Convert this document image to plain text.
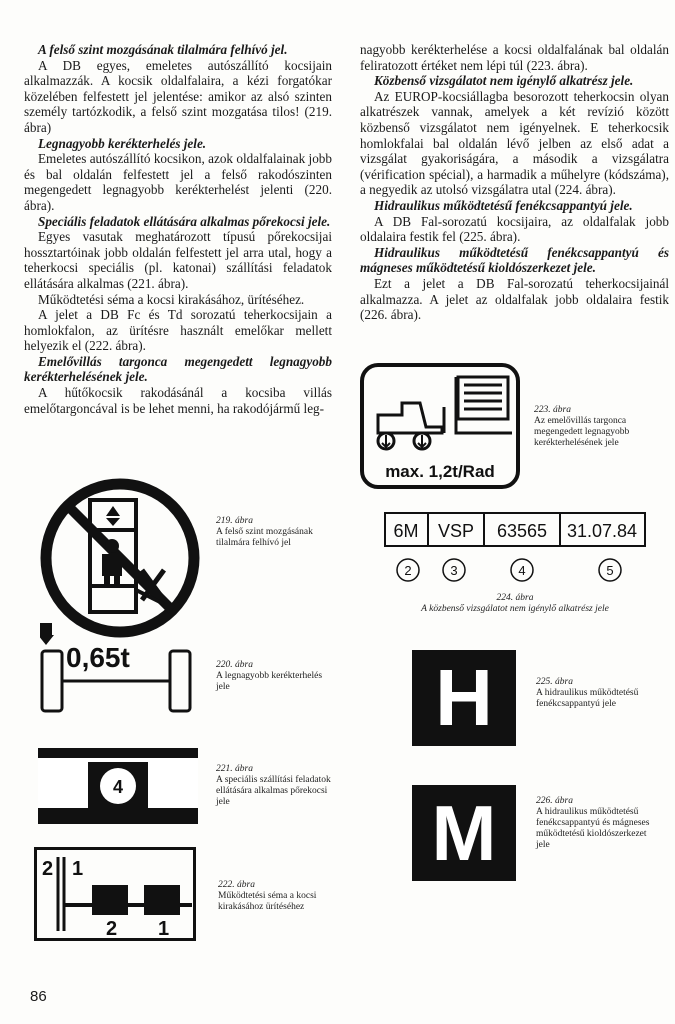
A felső szint mozgásának tilalmára felhívó jel.

A DB egyes, emeletes autószállító kocsijain alkalmazzák. A kocsik oldalfalaira, a kézi forgatókar közelében felfestett jel jelentése: amikor az alsó szinten személy tartózkodik, a felső szint mozgatása tilos! (219. ábra)

Legnagyobb kerékterhelés jele.

Emeletes autószállító kocsikon, azok oldalfalainak jobb és bal oldalán felfestett jel a felső rakodószinten megengedett legnagyobb kerékterhelést jelenti (220. ábra).

Speciális feladatok ellátására alkalmas pőrekocsi jele.

Egyes vasutak meghatározott típusú pőrekocsijai hossztartóinak jobb oldalán felfestett jel arra utal, hogy a teherkocsi speciális (pl. katonai) szállítási feladatok ellátására alkalmas (221. ábra).

Működtetési séma a kocsi kirakásához, ürítéséhez.

A jelet a DB Fc és Td sorozatú teherkocsijain a homlokfalon, az ürítésre használt emelőkar mellett helyezik el (222. ábra).

Emelővillás targonca megengedett legnagyobb kerékterhelésének jele.

A hűtőkocsik rakodásánál a kocsiba villás emelőtargoncával is be lehet menni, ha rakodójármű leg-

nagyobb kerékterhelése a kocsi oldalfalának bal oldalán feliratozott értéket nem lépi túl (223. ábra).

Közbenső vizsgálatot nem igénylő alkatrész jele.

Az EUROP-kocsiállagba besorozott teherkocsin olyan alkatrészek vannak, amelyek a két revízió között közbenső vizsgálatot nem igényelnek. E teherkocsik homlokfalai bal oldalán lévő jelben az első adat a vizsgálat gyakoriságára, a második a vizsgálatra (vérification spécial), a harmadik a műhelyre (kódszáma), a negyedik az utolsó vizsgálatra utal (224. ábra).

Hidraulikus működtetésű fenékcsappantyú jele.

A DB Fal-sorozatú kocsijaira, az oldalfalak jobb oldalaira festik fel (225. ábra).

Hidraulikus működtetésű fenékcsappantyú és mágneses működtetésű kioldószerkezet jele.

Ezt a jelet a DB Fal-sorozatú teherkocsijainál alkalmazza. A jelet az oldalfalak jobb oldalaira festik (226. ábra).

219. ábra
A felső szint mozgásának tilalmára felhívó jel
0,65t	220. ábra
A legnagyobb kerékterhelés jele
4
221. ábra
A speciális szállítási feladatok ellátására alkalmas pőrekocsi jele
2 1
2 1
222. ábra
Működtetési séma a kocsi kirakásához ürítéséhez
max. 1,2t/Rad
223. ábra
Az emelővillás targonca megengedett legnagyobb kerékterhelésének jele
6M VSP 63565 31.07.84
2	3	4	5
224. ábra
A közbenső vizsgálatot nem igénylő alkatrész jele
H	225. ábra
A hidraulikus működtetésű fenékcsappantyú jele
M	226. ábra
A hidraulikus működtetésű fenékcsappantyú és mágneses működtetésű kioldószerkezet jele
86
